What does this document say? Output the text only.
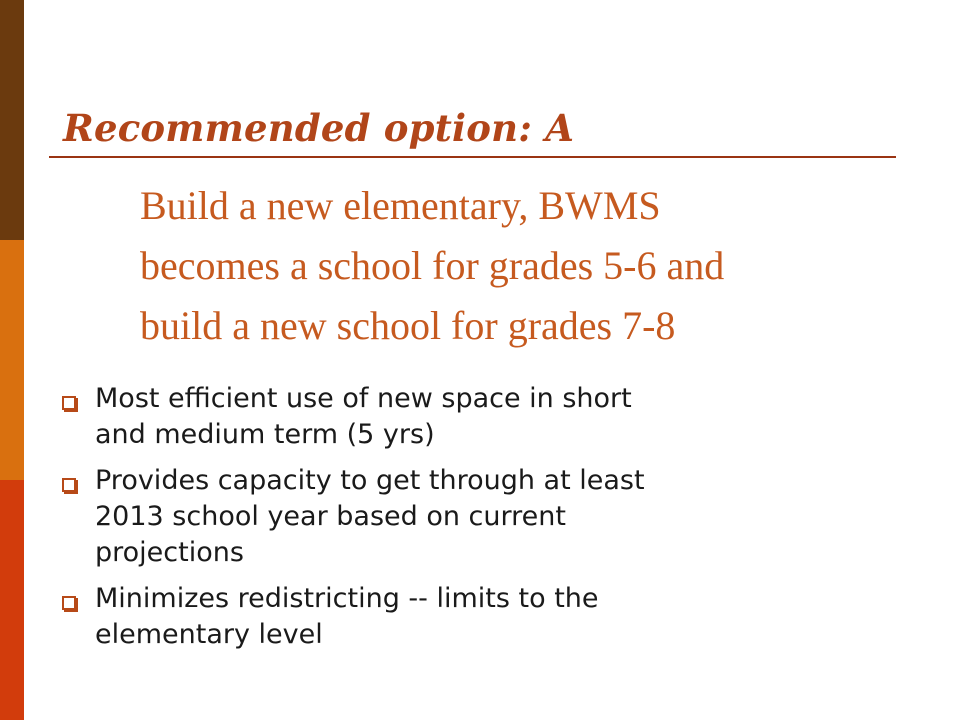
Recommended option: A
Build a new elementary, BWMS
becomes a school for grades 5-6 and
build a new school for grades 7-8
Most efficient use of new space in short
and medium term (5 yrs)
Provides capacity to get through at least
2013 school year based on current
projections
Minimizes redistricting -- limits to the
elementary level
